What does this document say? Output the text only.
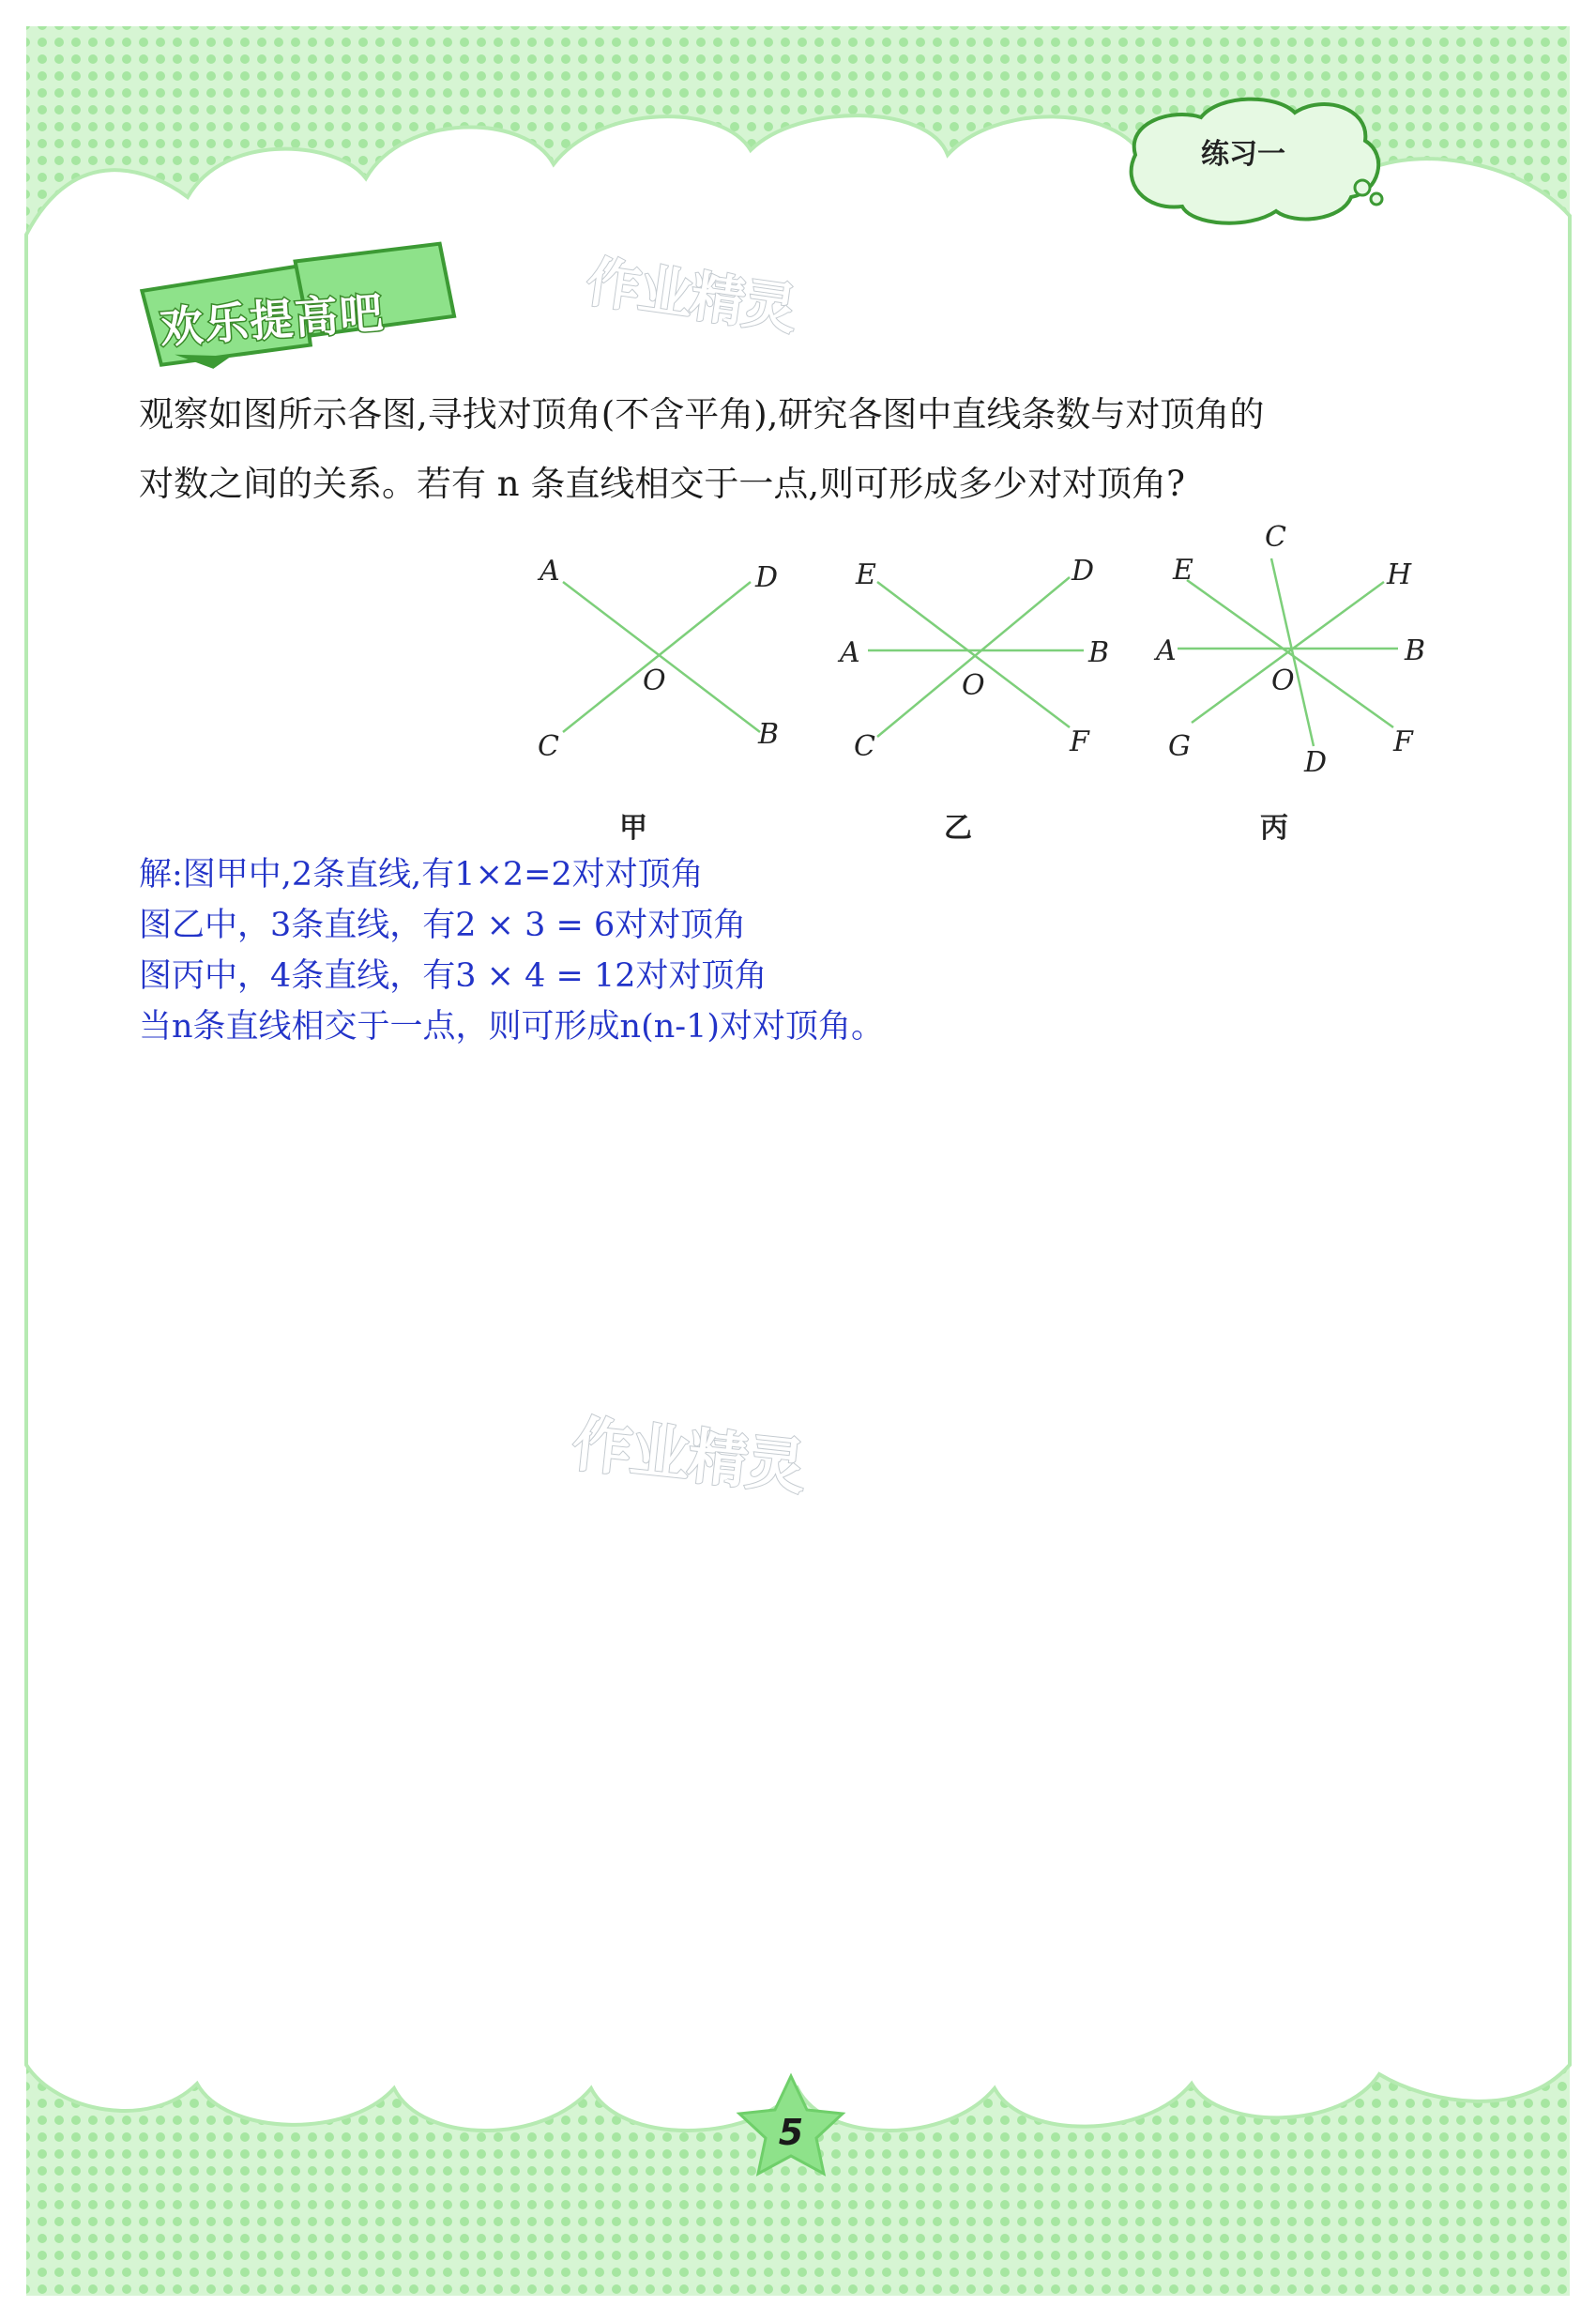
练习一
欢乐提高吧	作业精灵
作业精灵

观察如图所示各图,寻找对顶角(不含平角),研究各图中直线条数与对顶角的

对数之间的关系。若有 n 条直线相交于一点,则可形成多少对对顶角?

A	D
O
C	B
甲
E	D
A	B
O
C	F
乙
C
E	H
A	B
O
G	D
F
丙

解:图甲中,2条直线,有1×2=2对对顶角

图乙中，3条直线，有2 × 3 = 6对对顶角

图丙中，4条直线，有3 × 4 = 12对对顶角

当n条直线相交于一点，则可形成n(n-1)对对顶角。

5
